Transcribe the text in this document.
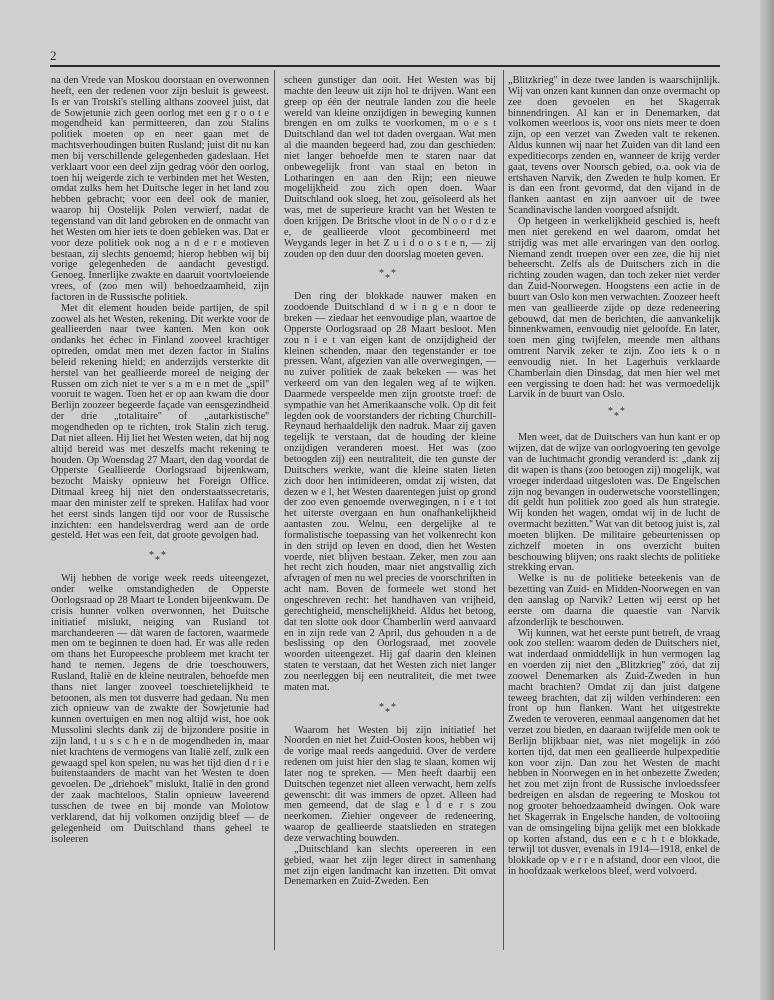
2

na den Vrede van Moskou doorstaan en overwonnen heeft, een der redenen voor zijn besluit is geweest. Is er van Trotski's stelling althans zooveel juist, dat de Sowjetunie zich geen oorlog met een g r o o t e mogendheid kan permitteeren, dan zou Stalins politiek moeten op en neer gaan met de machtsverhoudingen buiten Rusland; juist dit nu kan men bij verschillende gelegenheden gadeslaan. Het verklaart voor een deel zijn gedrag vóór den oorlog, toen hij weigerde zich te verbinden met het Westen, omdat zulks hem het Duitsche leger in het land zou hebben gebracht; voor een deel ook de manier, waarop hij Oostelijk Polen verwierf, nadat de tegenstand van dit land gebroken en de onmacht van het Westen om hier iets te doen gebleken was. Dat er voor deze politiek ook nog a n d e r e motieven bestaan, zij slechts genoemd; hierop hebben wij bij vorige gelegenheden de aandacht gevestigd. Genoeg. Innerlijke zwakte en daaruit voortvloeiende vrees, of (zoo men wil) behoedzaamheid, zijn factoren in de Russische politiek.

Met dit element houden beide partijen, de spil zoowel als het Westen, rekening. Dit werkte voor de geallieerden naar twee kanten. Men kon ook ondanks het échec in Finland zooveel krachtiger optreden, omdat men met dezen factor in Stalins beleid rekening hield; en anderzijds versterkte dit herstel van het geallieerde moreel de neiging der Russen om zich niet te ver s a m e n met de „spil'' vooruit te wagen. Toen het er op aan kwam die door Berlijn zoozeer begeerde façade van eensgezindheid der drie „totalitaire'' of „autarkistische'' mogendheden op te richten, trok Stalin zich terug. Dat niet alleen. Hij liet het Westen weten, dat hij nog altijd bereid was met deszelfs macht rekening te houden. Op Woensdag 27 Maart, den dag voordat de Opperste Geallieerde Oorlogsraad bijeenkwam, bezocht Maisky opnieuw het Foreign Office. Ditmaal kreeg hij niet den onderstaatssecretaris, maar den minister zelf te spreken. Halifax had voor het eerst sinds langen tijd oor voor de Russische inzichten: een handelsverdrag werd aan de orde gesteld. Het was een feit, dat groote gevolgen had.

* * *

Wij hebben de vorige week reeds uiteengezet, onder welke omstandigheden de Opperste Oorlogsraad op 28 Maart te Londen bijeenkwam. De crisis hunner volken overwonnen, het Duitsche initiatief mislukt, neiging van Rusland tot marchandeeren — dàt waren de factoren, waarmede men om te beginnen te doen had. Er was alle reden om thans het Europeesche probleem met kracht ter hand te nemen. Jegens de drie toeschouwers, Rusland, Italië en de kleine neutralen, behoefde men thans niet langer zooveel toeschietelijkheid te betoonen, als men tot dusverre had gedaan. Nu men zich opnieuw van de zwakte der Sowjetunie had kunnen overtuigen en men nog altijd wist, hoe ook Mussolini slechts dank zij de bijzondere positie in zijn land, t u s s c h e n de mogendheden in, maar niet krachtens de vermogens van Italië zelf, zulk een gewaagd spel kon spelen, nu was het tijd dien d r i e buitenstaanders de macht van het Westen te doen gevoelen. De „driehoek'' mislukt, Italië in den grond der zaak machteloos, Stalin opnieuw laveerend tusschen de twee en bij monde van Molotow verklarend, dat hij volkomen onzijdig bleef — de gelegenheid om Duitschland thans geheel te isoleeren

scheen gunstiger dan ooit. Het Westen was bij machte den leeuw uit zijn hol te drijven. Want een greep op één der neutrale landen zou die heele wereld van kleine onzijdigen in beweging kunnen brengen en om zulks te voorkomen, m o e s t Duitschland dan wel tot daden overgaan. Wat men al die maanden begeerd had, zou dan geschieden: niet langer behoefde men te staren naar dat onbewegelijk front van staal en beton in Lotharingen en aan den Rijn; een nieuwe mogelijkheid zou zich open doen. Waar Duitschland ook sloeg, het zou, geïsoleerd als het was, met de superieure kracht van het Westen te doen krijgen. De Britsche vloot in de N o o r d z e e, de geallieerde vloot gecombineerd met Weygands leger in het Z u i d o o s t e n, — zij zouden op den duur den doorslag moeten geven.

* * *

Den ring der blokkade nauwer maken en zoodoende Duitschland d w i n g e n door te breken — ziedaar het eenvoudige plan, waartoe de Opperste Oorlogsraad op 28 Maart besloot. Men zou n i e t van eigen kant de onzijdigheid der kleinen schenden, maar den tegenstander er toe pressen. Want, afgezien van alle overwegingen, — nu zuiver politiek de zaak bekeken — was het verkeerd om van den legalen weg af te wijken. Daarmede verspeelde men zijn grootste troef: de sympathie van het Amerikaansche volk. Op dit feit legden ook de voorstanders der richting Churchill-Reynaud herhaaldelijk den nadruk. Maar zij gaven tegelijk te verstaan, dat de houding der kleine onzijdigen veranderen moest. Het was (zoo betoogden zij) een neutraliteit, die ten gunste der Duitschers werkte, want die kleine staten lieten zich door hen intimideeren, omdat zij wisten, dat dezen w e l, het Westen daarentegen juist op grond der zoo even genoemde overwegingen, n i e t tot het uiterste overgaan en hun onafhankelijkheid aantasten zou. Welnu, een dergelijke al te formalistische toepassing van het volkenrecht kon in den strijd op leven en dood, dien het Westen voerde, niet blijven bestaan. Zeker, men zou aan het recht zich houden, maar niet angstvallig zich afvragen of men nu wel precies de voorschriften in acht nam. Boven de formeele wet stond het ongeschreven recht: het handhaven van vrijheid, gerechtigheid, menschelijkheid. Aldus het betoog, dat ten slotte ook door Chamberlin werd aanvaard en in zijn rede van 2 April, dus gehouden n a de beslissing op den Oorlogsraad, met zoovele woorden uiteengezet. Hij gaf daarin den kleinen staten te verstaan, dat het Westen zich niet langer zou neerleggen bij een neutraliteit, die met twee maten mat.

* * *

Waarom het Westen bij zijn initiatief het Noorden en niet het Zuid-Oosten koos, hebben wij de vorige maal reeds aangeduid. Over de verdere redenen om juist hier den slag te slaan, komen wij later nog te spreken. — Men heeft daarbij een Duitschen tegenzet niet alleen verwacht, hem zelfs gewenscht: dit was immers de opzet. Alleen had men gemeend, dat de slag e l d e r s zou neerkomen. Ziehier ongeveer de redeneering, waarop de geallieerde staatslieden en strategen deze verwachting bouwden.

„Duitschland kan slechts opereeren in een gebied, waar het zijn leger direct in samenhang met zijn eigen landmacht kan inzetten. Dit omvat Denemarken en Zuid-Zweden. Een

„Blitzkrieg'' in deze twee landen is waarschijnlijk. Wij van onzen kant kunnen dan onze overmacht op zee doen gevoelen en het Skagerrak binnendringen. Al kan er in Denemarken, dat volkomen weerloos is, voor ons niets meer te doen zijn, op een verzet van Zweden valt te rekenen. Aldus kunnen wij naar het Zuiden van dit land een expeditiecorps zenden en, wanneer de krijg verder gaat, tevens over Noorsch gebied, o.a. ook via de ertshaven Narvik, den Zweden te hulp komen. Er is dan een front gevormd, dat den vijand in de flanken aantast en zijn aanvoer uit de twee Scandinavische landen voorgoed afsnijdt.

Op hetgeen in werkelijkheid geschied is, heeft men niet gerekend en wel daarom, omdat het strijdig was met alle ervaringen van den oorlog. Niemand zendt troepen over een zee, die hij niet beheerscht. Zelfs als de Duitschers zich in die richting zouden wagen, dan toch zeker niet verder dan Zuid-Noorwegen. Hoogstens een actie in de buurt van Oslo kon men verwachten. Zoozeer heeft men van geallieerde zijde op deze redeneering gebouwd, dat men de berichten, die aanvankelijk binnenkwamen, eenvoudig niet geloofde. En later, toen men ging twijfelen, meende men althans omtrent Narvik zeker te zijn. Zoo iets k o n eenvoudig niet. In het Lagerhuis verklaarde Chamberlain dien Dinsdag, dat men hier wel met een vergissing te doen had: het was vermoedelijk Larvik in de buurt van Oslo.

* * *

Men weet, dat de Duitschers van hun kant er op wijzen, dat de wijze van oorlogvoering ten gevolge van de luchtmacht grondig veranderd is: „dank zij dit wapen is thans (zoo betoogen zij) mogelijk, wat vroeger inderdaad uitgesloten was. De Engelschen zijn nog bevangen in ouderwetsche voorstellingen; dit geldt hun politiek zoo goed als hun strategie. Wij konden het wagen, omdat wij in de lucht de overmacht bezitten.'' Wat van dit betoog juist is, zal moeten blijken. De militaire gebeurtenissen op zichzelf moeten in ons overzicht buiten beschouwing blijven; ons raakt slechts de politieke strekking ervan.

Welke is nu de politieke beteekenis van de bezetting van Zuid- en Midden-Noorwegen en van den aanslag op Narvik? Letten wij eerst op het eerste om daarna die quaestie van Narvik afzonderlijk te beschouwen.

Wij kunnen, wat het eerste punt betreft, de vraag ook zoo stellen: waarom deden de Duitschers niet, wat inderdaad onmiddellijk in hun vermogen lag en voerden zij niet den „Blitzkrieg'' zóó, dat zij zoowel Denemarken als Zuid-Zweden in hun macht brachten? Omdat zij dan juist datgene teweeg brachten, dat zij wilden verhinderen: een front op hun flanken. Want het uitgestrekte Zweden te veroveren, eenmaal aangenomen dat het verzet zou bieden, en daaraan twijfelde men ook te Berlijn blijkbaar niet, was niet mogelijk in zóó korten tijd, dat men een geallieerde hulpexpeditie kon voor zijn. Dan zou het Westen de macht hebben in Noorwegen en in het onbezette Zweden; het zou met zijn front de Russische invloedssfeer bedreigen en alsdan de regeering te Moskou tot nog grooter behoedzaamheid dwingen. Ook ware het Skagerrak in Engelsche handen, de voltooiing van de omsingeling bijna gelijk met een blokkade op korten afstand, dus een e c h t e blokkade, terwijl tot dusver, evenals in 1914—1918, enkel de blokkade op v e r r e n afstand, door een vloot, die in hoofdzaak werkeloos bleef, werd volvoerd.
